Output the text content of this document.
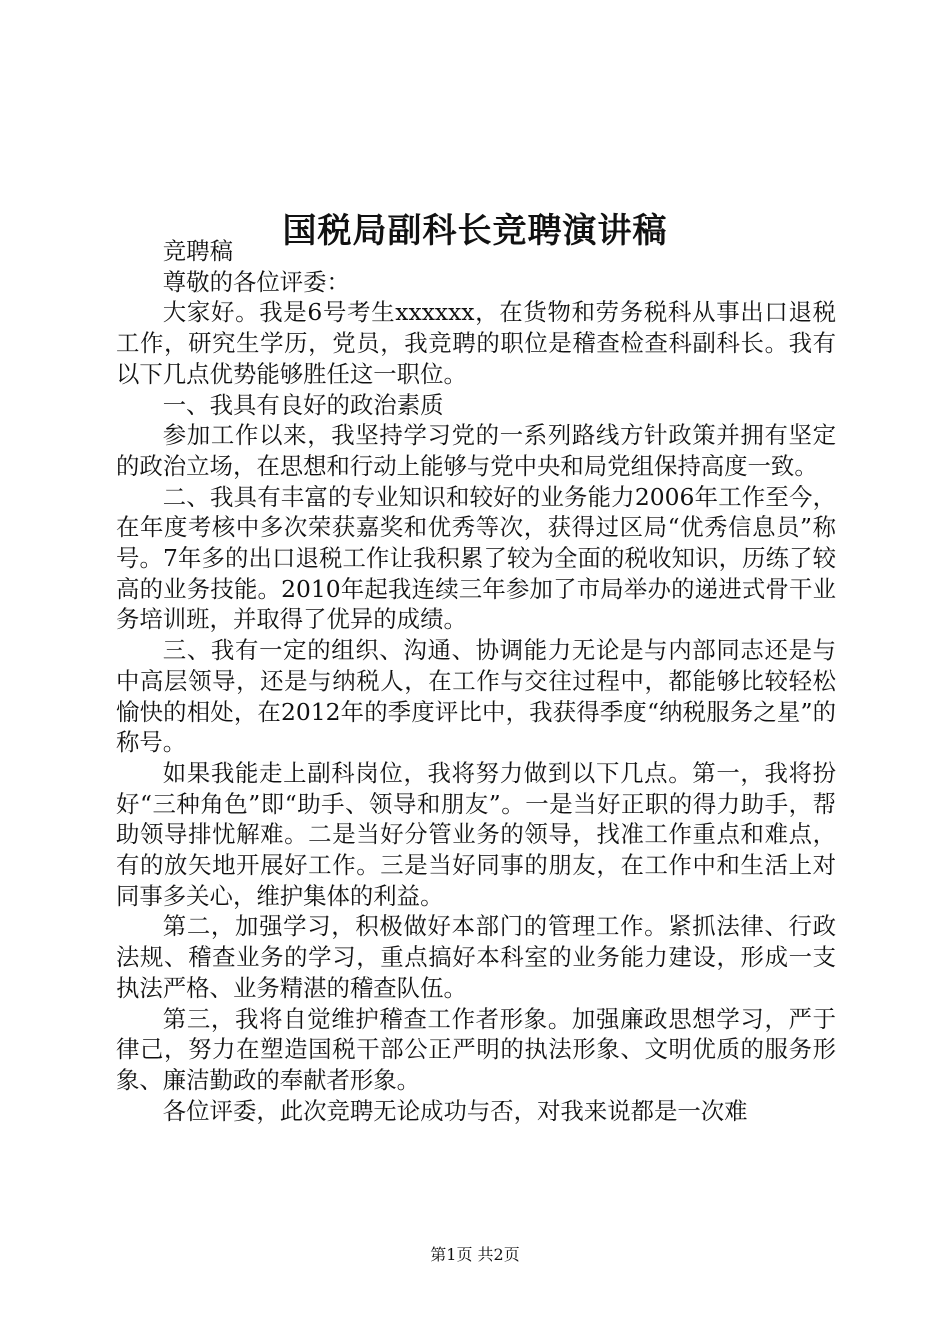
国税局副科长竞聘演讲稿

竞聘稿

尊敬的各位评委：

大家好。我是6号考生xxxxxx，在货物和劳务税科从事出口退税工作，研究生学历，党员，我竞聘的职位是稽查检查科副科长。我有以下几点优势能够胜任这一职位。

一、我具有良好的政治素质

参加工作以来，我坚持学习党的一系列路线方针政策并拥有坚定的政治立场，在思想和行动上能够与党中央和局党组保持高度一致。

二、我具有丰富的专业知识和较好的业务能力2006年工作至今，在年度考核中多次荣获嘉奖和优秀等次，获得过区局“优秀信息员”称号。7年多的出口退税工作让我积累了较为全面的税收知识，历练了较高的业务技能。2010年起我连续三年参加了市局举办的递进式骨干业务培训班，并取得了优异的成绩。

三、我有一定的组织、沟通、协调能力无论是与内部同志还是与中高层领导，还是与纳税人，在工作与交往过程中，都能够比较轻松愉快的相处，在2012年的季度评比中，我获得季度“纳税服务之星”的称号。

如果我能走上副科岗位，我将努力做到以下几点。第一，我将扮好“三种角色”即“助手、领导和朋友”。一是当好正职的得力助手，帮助领导排忧解难。二是当好分管业务的领导，找准工作重点和难点，有的放矢地开展好工作。三是当好同事的朋友，在工作中和生活上对同事多关心，维护集体的利益。

第二，加强学习，积极做好本部门的管理工作。紧抓法律、行政法规、稽查业务的学习，重点搞好本科室的业务能力建设，形成一支执法严格、业务精湛的稽查队伍。

第三，我将自觉维护稽查工作者形象。加强廉政思想学习，严于律己，努力在塑造国税干部公正严明的执法形象、文明优质的服务形象、廉洁勤政的奉献者形象。

各位评委，此次竞聘无论成功与否，对我来说都是一次难

第1页 共2页
